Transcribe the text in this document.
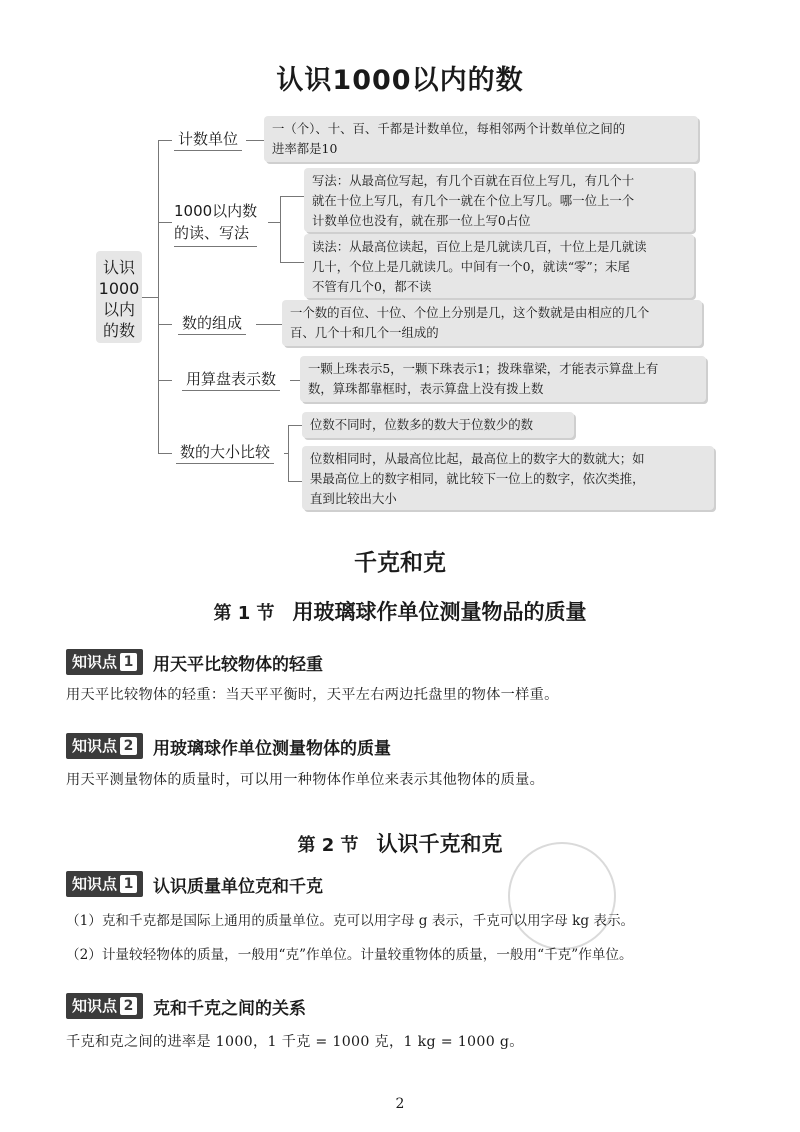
认识1000以内的数
认识
1000
以内
的数
计数单位
一（个）、十、百、千都是计数单位，每相邻两个计数单位之间的
进率都是10
1000以内数
的读、写法
写法：从最高位写起，有几个百就在百位上写几，有几个十
就在十位上写几，有几个一就在个位上写几。哪一位上一个
计数单位也没有，就在那一位上写0占位
读法：从最高位读起，百位上是几就读几百，十位上是几就读
几十，个位上是几就读几。中间有一个0，就读“零”；末尾
不管有几个0，都不读
数的组成
一个数的百位、十位、个位上分别是几，这个数就是由相应的几个
百、几个十和几个一组成的
用算盘表示数
一颗上珠表示5，一颗下珠表示1；拨珠靠梁，才能表示算盘上有
数，算珠都靠框时，表示算盘上没有拨上数
数的大小比较
位数不同时，位数多的数大于位数少的数
位数相同时，从最高位比起，最高位上的数字大的数就大；如
果最高位上的数字相同，就比较下一位上的数字，依次类推，
直到比较出大小
千克和克
第 1 节 用玻璃球作单位测量物品的质量
知识点 1 用天平比较物体的轻重
用天平比较物体的轻重：当天平平衡时，天平左右两边托盘里的物体一样重。
知识点 2 用玻璃球作单位测量物体的质量
用天平测量物体的质量时，可以用一种物体作单位来表示其他物体的质量。
第 2 节 认识千克和克
知识点 1 认识质量单位克和千克
（1）克和千克都是国际上通用的质量单位。克可以用字母 g 表示，千克可以用字母 kg 表示。
（2）计量较轻物体的质量，一般用“克”作单位。计量较重物体的质量，一般用“千克”作单位。
知识点 2 克和千克之间的关系
千克和克之间的进率是 1000，1 千克 = 1000 克，1 kg = 1000 g。
2
